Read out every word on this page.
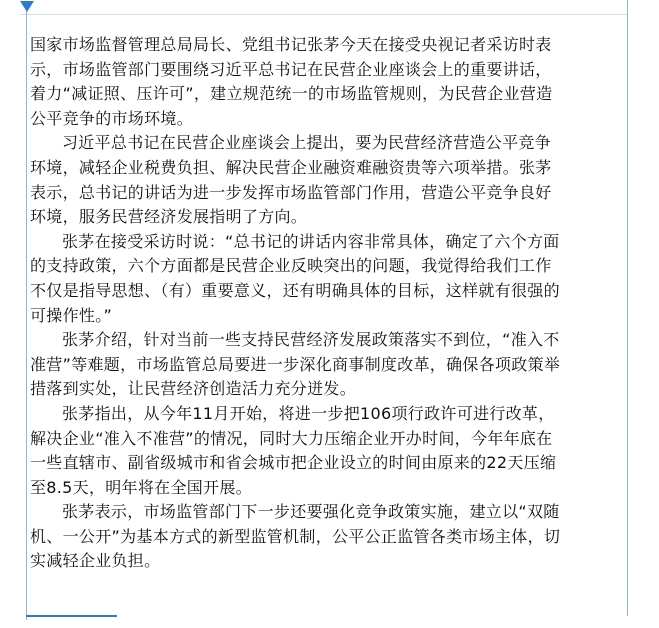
国家市场监督管理总局局长、党组书记张茅今天在接受央视记者采访时表示，市场监管部门要围绕习近平总书记在民营企业座谈会上的重要讲话，着力“减证照、压许可”，建立规范统一的市场监管规则，为民营企业营造公平竞争的市场环境。

习近平总书记在民营企业座谈会上提出，要为民营经济营造公平竞争环境，减轻企业税费负担、解决民营企业融资难融资贵等六项举措。张茅表示，总书记的讲话为进一步发挥市场监管部门作用，营造公平竞争良好环境，服务民营经济发展指明了方向。

张茅在接受采访时说：“总书记的讲话内容非常具体，确定了六个方面的支持政策，六个方面都是民营企业反映突出的问题，我觉得给我们工作不仅是指导思想、（有）重要意义，还有明确具体的目标，这样就有很强的可操作性。”

张茅介绍，针对当前一些支持民营经济发展政策落实不到位，“准入不准营”等难题，市场监管总局要进一步深化商事制度改革，确保各项政策举措落到实处，让民营经济创造活力充分迸发。

张茅指出，从今年11月开始，将进一步把106项行政许可进行改革，解决企业“准入不准营”的情况，同时大力压缩企业开办时间，今年年底在一些直辖市、副省级城市和省会城市把企业设立的时间由原来的22天压缩至8.5天，明年将在全国开展。

张茅表示，市场监管部门下一步还要强化竞争政策实施，建立以“双随机、一公开”为基本方式的新型监管机制，公平公正监管各类市场主体，切实减轻企业负担。
